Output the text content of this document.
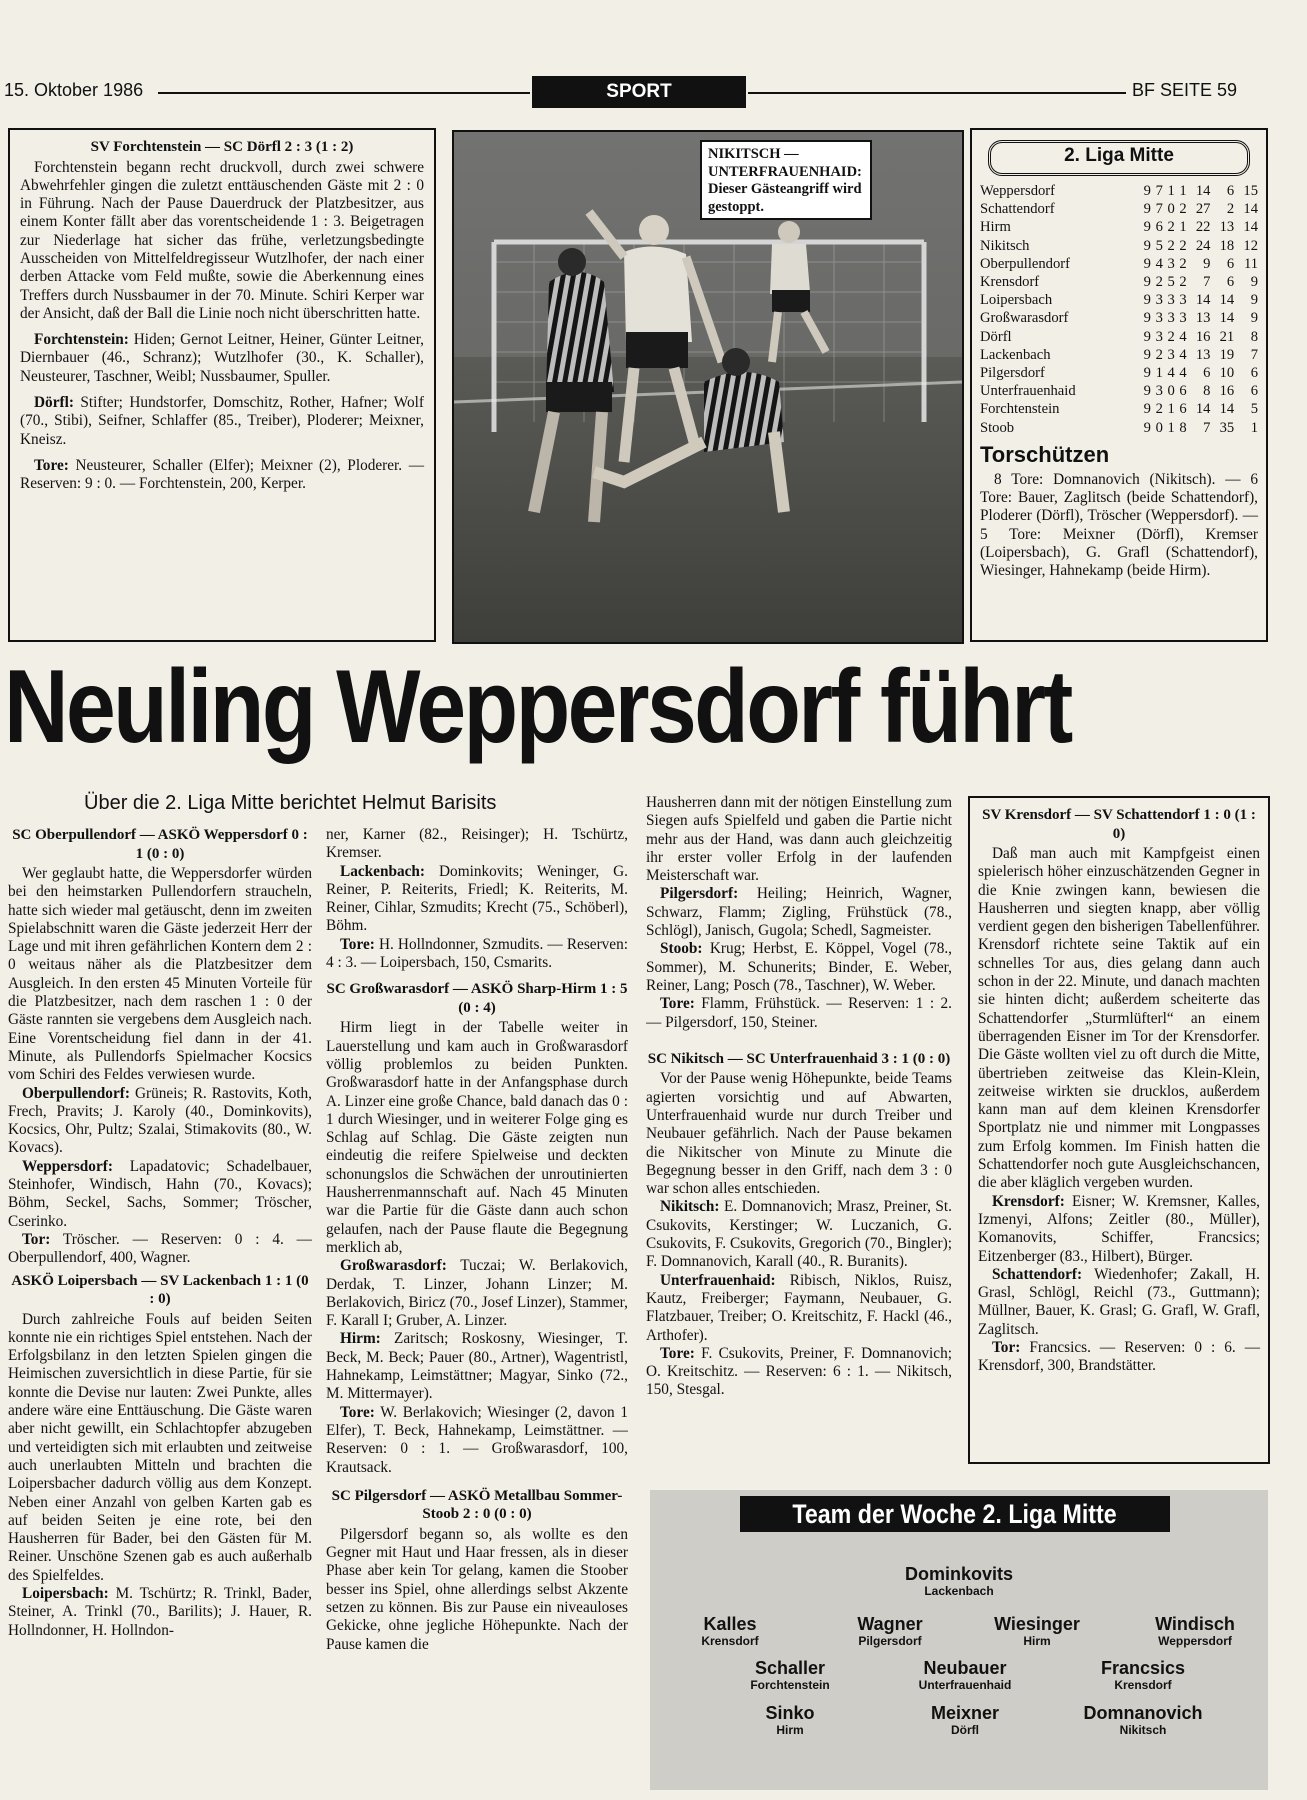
15. Oktober 1986	SPORT	BF SEITE 59
SV Forchtenstein — SC Dörfl 2 : 3 (1 : 2)

Forchtenstein begann recht druckvoll, durch zwei schwere Abwehrfehler gingen die zuletzt enttäuschenden Gäste mit 2 : 0 in Führung. Nach der Pause Dauerdruck der Platzbesitzer, aus einem Konter fällt aber das vorentscheidende 1 : 3. Beigetragen zur Niederlage hat sicher das frühe, verletzungsbedingte Ausscheiden von Mittelfeldregisseur Wutzlhofer, der nach einer derben Attacke vom Feld mußte, sowie die Aberkennung eines Treffers durch Nussbaumer in der 70. Minute. Schiri Kerper war der Ansicht, daß der Ball die Linie noch nicht überschritten hatte.

Forchtenstein: Hiden; Gernot Leitner, Heiner, Günter Leitner, Diernbauer (46., Schranz); Wutzlhofer (30., K. Schaller), Neusteurer, Taschner, Weibl; Nussbaumer, Spuller.

Dörfl: Stifter; Hundstorfer, Domschitz, Rother, Hafner; Wolf (70., Stibi), Seifner, Schlaffer (85., Treiber), Ploderer; Meixner, Kneisz.

Tore: Neusteurer, Schaller (Elfer); Meixner (2), Ploderer. — Reserven: 9 : 0. — Forchtenstein, 200, Kerper.

NIKITSCH — UNTERFRAUENHAID: Dieser Gästeangriff wird gestoppt.
2. Liga Mitte
Weppersdorf	9	7	1	1	14	6	15
Schattendorf	9	7	0	2	27	2	14
Hirm	9	6	2	1	22	13	14
Nikitsch	9	5	2	2	24	18	12
Oberpullendorf	9	4	3	2	9	6	11
Krensdorf	9	2	5	2	7	6	9
Loipersbach	9	3	3	3	14	14	9
Großwarasdorf	9	3	3	3	13	14	9
Dörfl	9	3	2	4	16	21	8
Lackenbach	9	2	3	4	13	19	7
Pilgersdorf	9	1	4	4	6	10	6
Unterfrauenhaid	9	3	0	6	8	16	6
Forchtenstein	9	2	1	6	14	14	5
Stoob	9	0	1	8	7	35	1
Torschützen

8 Tore: Domnanovich (Nikitsch). — 6 Tore: Bauer, Zaglitsch (beide Schattendorf), Ploderer (Dörfl), Tröscher (Weppersdorf). — 5 Tore: Meixner (Dörfl), Kremser (Loipersbach), G. Grafl (Schattendorf), Wiesinger, Hahnekamp (beide Hirm).

Neuling Weppersdorf führt
Über die 2. Liga Mitte berichtet Helmut Barisits
SC Oberpullendorf — ASKÖ Weppersdorf 0 : 1 (0 : 0)

Wer geglaubt hatte, die Weppersdorfer würden bei den heimstarken Pullendorfern straucheln, hatte sich wieder mal getäuscht, denn im zweiten Spielabschnitt waren die Gäste jederzeit Herr der Lage und mit ihren gefährlichen Kontern dem 2 : 0 weitaus näher als die Platzbesitzer dem Ausgleich. In den ersten 45 Minuten Vorteile für die Platzbesitzer, nach dem raschen 1 : 0 der Gäste rannten sie vergebens dem Ausgleich nach. Eine Vorentscheidung fiel dann in der 41. Minute, als Pullendorfs Spielmacher Kocsics vom Schiri des Feldes verwiesen wurde.

Oberpullendorf: Grüneis; R. Rastovits, Koth, Frech, Pravits; J. Karoly (40., Dominkovits), Kocsics, Ohr, Pultz; Szalai, Stimakovits (80., W. Kovacs).

Weppersdorf: Lapadatovic; Schadelbauer, Steinhofer, Windisch, Hahn (70., Kovacs); Böhm, Seckel, Sachs, Sommer; Tröscher, Cserinko.

Tor: Tröscher. — Reserven: 0 : 4. — Oberpullendorf, 400, Wagner.

ASKÖ Loipersbach — SV Lackenbach 1 : 1 (0 : 0)

Durch zahlreiche Fouls auf beiden Seiten konnte nie ein richtiges Spiel entstehen. Nach der Erfolgsbilanz in den letzten Spielen gingen die Heimischen zuversichtlich in diese Partie, für sie konnte die Devise nur lauten: Zwei Punkte, alles andere wäre eine Enttäuschung. Die Gäste waren aber nicht gewillt, ein Schlachtopfer abzugeben und verteidigten sich mit erlaubten und zeitweise auch unerlaubten Mitteln und brachten die Loipersbacher dadurch völlig aus dem Konzept. Neben einer Anzahl von gelben Karten gab es auf beiden Seiten je eine rote, bei den Hausherren für Bader, bei den Gästen für M. Reiner. Unschöne Szenen gab es auch außerhalb des Spielfeldes.

Loipersbach: M. Tschürtz; R. Trinkl, Bader, Steiner, A. Trinkl (70., Barilits); J. Hauer, R. Hollndonner, H. Hollndon-

ner, Karner (82., Reisinger); H. Tschürtz, Kremser.

Lackenbach: Dominkovits; Weninger, G. Reiner, P. Reiterits, Friedl; K. Reiterits, M. Reiner, Cihlar, Szmudits; Krecht (75., Schöberl), Böhm.

Tore: H. Hollndonner, Szmudits. — Reserven: 4 : 3. — Loipersbach, 150, Csmarits.

SC Großwarasdorf — ASKÖ Sharp-Hirm 1 : 5 (0 : 4)

Hirm liegt in der Tabelle weiter in Lauerstellung und kam auch in Großwarasdorf völlig problemlos zu beiden Punkten. Großwarasdorf hatte in der Anfangsphase durch A. Linzer eine große Chance, bald danach das 0 : 1 durch Wiesinger, und in weiterer Folge ging es Schlag auf Schlag. Die Gäste zeigten nun eindeutig die reifere Spielweise und deckten schonungslos die Schwächen der unroutinierten Hausherrenmannschaft auf. Nach 45 Minuten war die Partie für die Gäste dann auch schon gelaufen, nach der Pause flaute die Begegnung merklich ab,

Großwarasdorf: Tuczai; W. Berlakovich, Derdak, T. Linzer, Johann Linzer; M. Berlakovich, Biricz (70., Josef Linzer), Stammer, F. Karall I; Gruber, A. Linzer.

Hirm: Zaritsch; Roskosny, Wiesinger, T. Beck, M. Beck; Pauer (80., Artner), Wagentristl, Hahnekamp, Leimstättner; Magyar, Sinko (72., M. Mittermayer).

Tore: W. Berlakovich; Wiesinger (2, davon 1 Elfer), T. Beck, Hahnekamp, Leimstättner. — Reserven: 0 : 1. — Großwarasdorf, 100, Krautsack.

SC Pilgersdorf — ASKÖ Metallbau Sommer-Stoob 2 : 0 (0 : 0)

Pilgersdorf begann so, als wollte es den Gegner mit Haut und Haar fressen, als in dieser Phase aber kein Tor gelang, kamen die Stoober besser ins Spiel, ohne allerdings selbst Akzente setzen zu können. Bis zur Pause ein niveauloses Gekicke, ohne jegliche Höhepunkte. Nach der Pause kamen die

Hausherren dann mit der nötigen Einstellung zum Siegen aufs Spielfeld und gaben die Partie nicht mehr aus der Hand, was dann auch gleichzeitig ihr erster voller Erfolg in der laufenden Meisterschaft war.

Pilgersdorf: Heiling; Heinrich, Wagner, Schwarz, Flamm; Zigling, Frühstück (78., Schlögl), Janisch, Gugola; Schedl, Sagmeister.

Stoob: Krug; Herbst, E. Köppel, Vogel (78., Sommer), M. Schunerits; Binder, E. Weber, Reiner, Lang; Posch (78., Taschner), W. Weber.

Tore: Flamm, Frühstück. — Reserven: 1 : 2. — Pilgersdorf, 150, Steiner.

SC Nikitsch — SC Unterfrauenhaid 3 : 1 (0 : 0)

Vor der Pause wenig Höhepunkte, beide Teams agierten vorsichtig und auf Abwarten, Unterfrauenhaid wurde nur durch Treiber und Neubauer gefährlich. Nach der Pause bekamen die Nikitscher von Minute zu Minute die Begegnung besser in den Griff, nach dem 3 : 0 war schon alles entschieden.

Nikitsch: E. Domnanovich; Mrasz, Preiner, St. Csukovits, Kerstinger; W. Luczanich, G. Csukovits, F. Csukovits, Gregorich (70., Bingler); F. Domnanovich, Karall (40., R. Buranits).

Unterfrauenhaid: Ribisch, Niklos, Ruisz, Kautz, Freiberger; Faymann, Neubauer, G. Flatzbauer, Treiber; O. Kreitschitz, F. Hackl (46., Arthofer).

Tore: F. Csukovits, Preiner, F. Domnanovich; O. Kreitschitz. — Reserven: 6 : 1. — Nikitsch, 150, Stesgal.

SV Krensdorf — SV Schattendorf 1 : 0 (1 : 0)

Daß man auch mit Kampfgeist einen spielerisch höher einzuschätzenden Gegner in die Knie zwingen kann, bewiesen die Hausherren und siegten knapp, aber völlig verdient gegen den bisherigen Tabellenführer. Krensdorf richtete seine Taktik auf ein schnelles Tor aus, dies gelang dann auch schon in der 22. Minute, und danach machten sie hinten dicht; außerdem scheiterte das Schattendorfer „Sturmlüfterl“ an einem überragenden Eisner im Tor der Krensdorfer. Die Gäste wollten viel zu oft durch die Mitte, übertrieben zeitweise das Klein-Klein, zeitweise wirkten sie drucklos, außerdem kann man auf dem kleinen Krensdorfer Sportplatz nie und nimmer mit Longpasses zum Erfolg kommen. Im Finish hatten die Schattendorfer noch gute Ausgleichschancen, die aber kläglich vergeben wurden.

Krensdorf: Eisner; W. Kremsner, Kalles, Izmenyi, Alfons; Zeitler (80., Müller), Komanovits, Schiffer, Francsics; Eitzenberger (83., Hilbert), Bürger.

Schattendorf: Wiedenhofer; Zakall, H. Grasl, Schlögl, Reichl (73., Guttmann); Müllner, Bauer, K. Grasl; G. Grafl, W. Grafl, Zaglitsch.

Tor: Francsics. — Reserven: 0 : 6. — Krensdorf, 300, Brandstätter.

Team der Woche 2. Liga Mitte
Dominkovits
Lackenbach
Kalles
Krensdorf
Wagner
Pilgersdorf
Wiesinger
Hirm
Windisch
Weppersdorf
Schaller
Forchtenstein
Neubauer
Unterfrauenhaid
Francsics
Krensdorf
Sinko
Hirm
Meixner
Dörfl
Domnanovich
Nikitsch
